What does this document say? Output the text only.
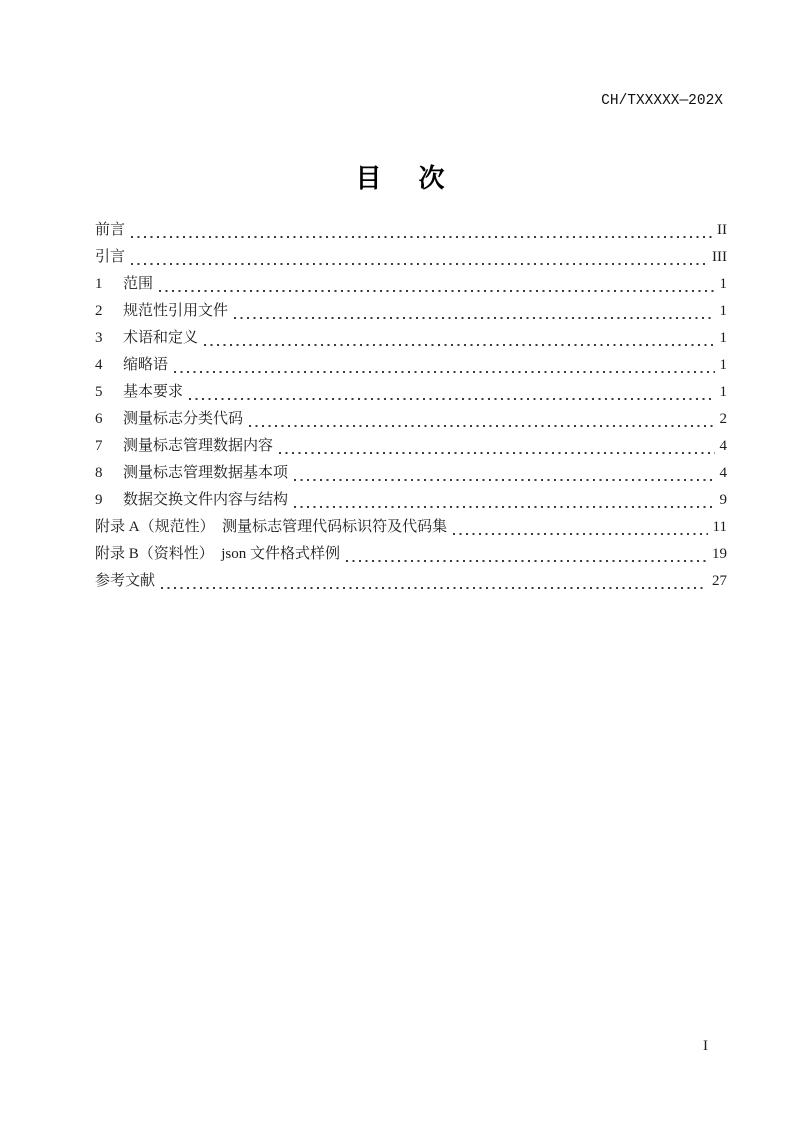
CH/TXXXXX—202X
目 次
前言	II
引言	III
1	范围	1
2	规范性引用文件	1
3	术语和定义	1
4	缩略语	1
5	基本要求	1
6	测量标志分类代码	2
7	测量标志管理数据内容	4
8	测量标志管理数据基本项	4
9	数据交换文件内容与结构	9
附录 A（规范性）　测量标志管理代码标识符及代码集	11
附录 B（资料性）　json 文件格式样例	19
参考文献	27
I
